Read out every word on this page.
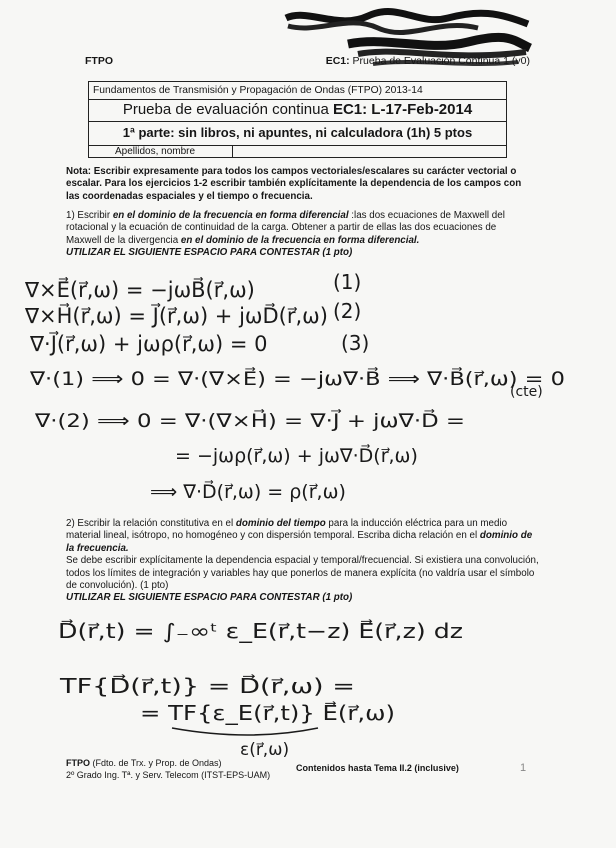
FTPO	EC1: Prueba de Evaluación Continua 1 (v0)
Fundamentos de Transmisión y Propagación de Ondas (FTPO) 2013-14
Prueba de evaluación continua EC1: L-17-Feb-2014
1ª parte: sin libros, ni apuntes, ni calculadora (1h) 5 ptos
Apellidos, nombre
Nota: Escribir expresamente para todos los campos vectoriales/escalares su carácter vectorial o escalar. Para los ejercicios 1-2 escribir también explícitamente la dependencia de los campos con las coordenadas espaciales y el tiempo o frecuencia.
1) Escribir en el dominio de la frecuencia en forma diferencial :las dos ecuaciones de Maxwell del rotacional y la ecuación de continuidad de la carga. Obtener a partir de ellas las dos ecuaciones de Maxwell de la divergencia en el dominio de la frecuencia en forma diferencial.
UTILIZAR EL SIGUIENTE ESPACIO PARA CONTESTAR (1 pto)
2) Escribir la relación constitutiva en el dominio del tiempo para la inducción eléctrica para un medio material lineal, isótropo, no homogéneo y con dispersión temporal. Escriba dicha relación en el dominio de la frecuencia.
Se debe escribir explícitamente la dependencia espacial y temporal/frecuencial. Si existiera una convolución, todos los límites de integración y variables hay que ponerlos de manera explícita (no valdría usar el símbolo de convolución). (1 pto)
UTILIZAR EL SIGUIENTE ESPACIO PARA CONTESTAR (1 pto)
∇×E⃗(r⃗,ω) = −jωB⃗(r⃗,ω)
∇×H⃗(r⃗,ω) = J⃗(r⃗,ω) + jωD⃗(r⃗,ω)
∇·J⃗(r⃗,ω) + jωρ(r⃗,ω) = 0
(1)
(2)
(3)
∇·(1) ⟹ 0 = ∇·(∇×E⃗) = −jω∇·B⃗ ⟹ ∇·B⃗(r⃗,ω) = 0
(cte)
∇·(2) ⟹ 0 = ∇·(∇×H⃗) = ∇·J⃗ + jω∇·D⃗ =
= −jωρ(r⃗,ω) + jω∇·D⃗(r⃗,ω)
⟹ ∇·D⃗(r⃗,ω) = ρ(r⃗,ω)
D⃗(r⃗,t) = ∫₋∞ᵗ ε_E(r⃗,t−z) E⃗(r⃗,z) dz
TF{D⃗(r⃗,t)} = D⃗(r⃗,ω) =
= TF{ε_E(r⃗,t)} E⃗(r⃗,ω)
ε(r⃗,ω)
FTPO (Fdto. de Trx. y Prop. de Ondas)
2º Grado Ing. Tª. y Serv. Telecom (ITST-EPS-UAM)
Contenidos hasta Tema II.2 (inclusive)	1
